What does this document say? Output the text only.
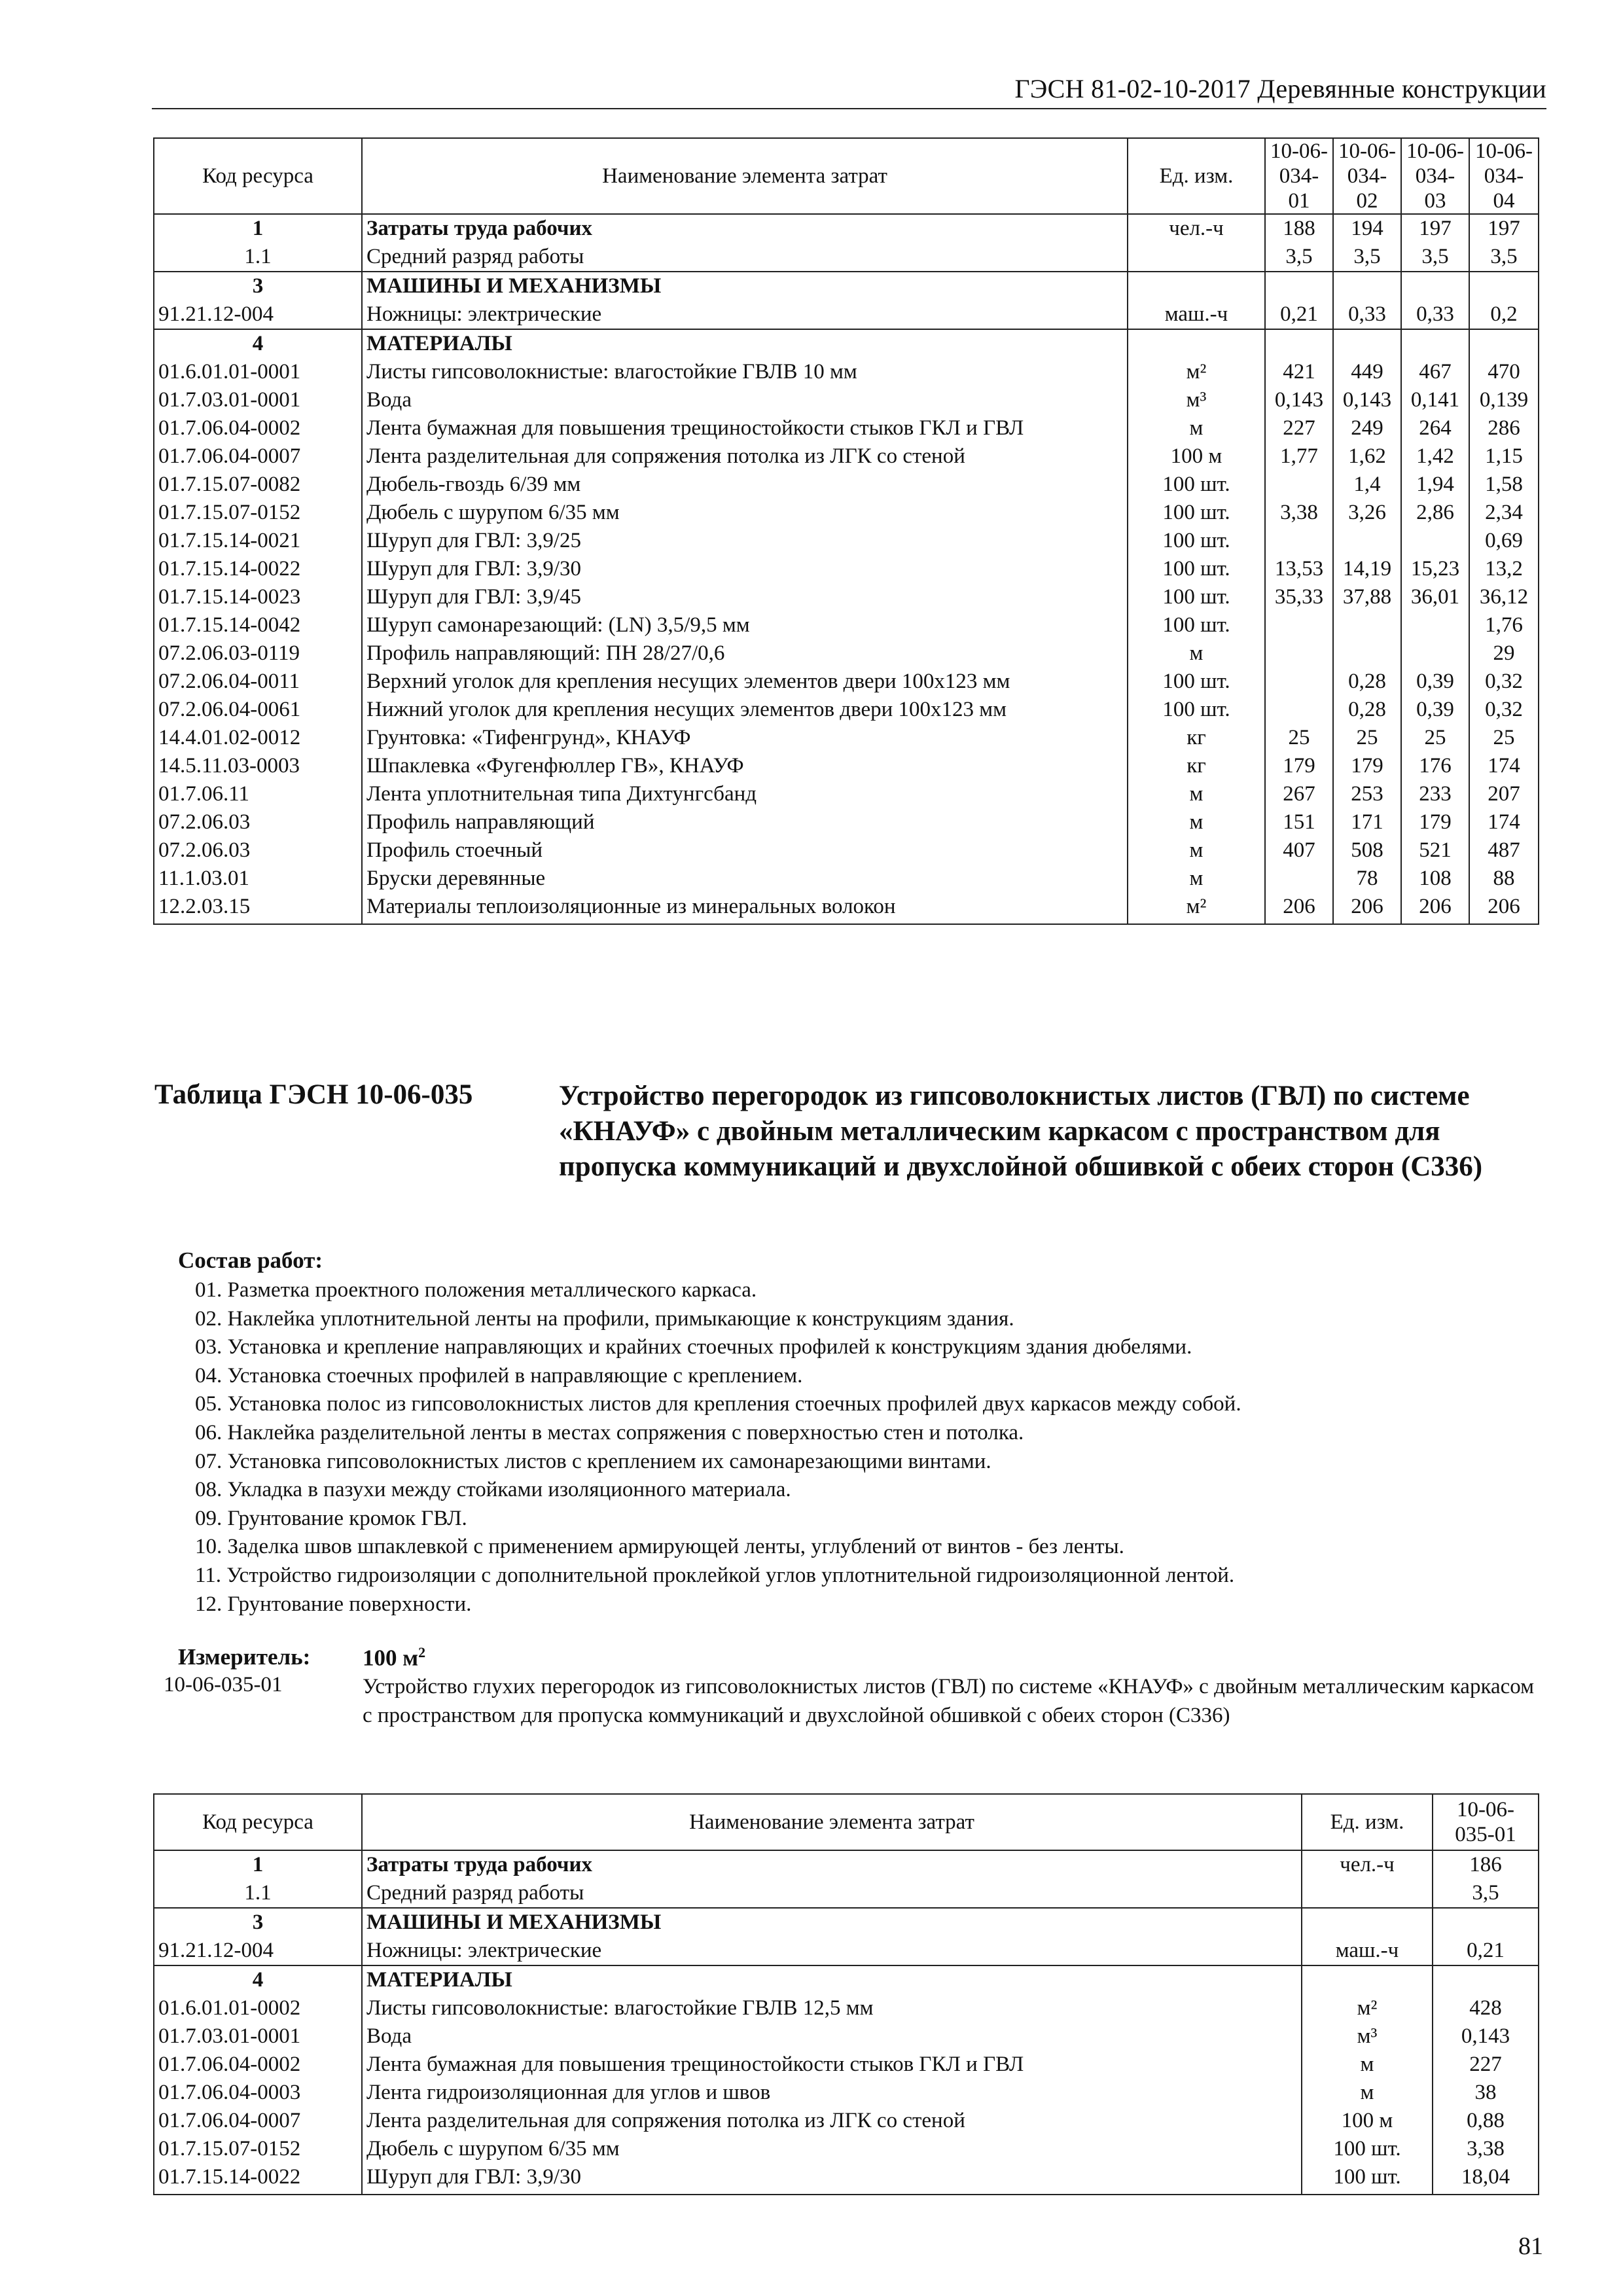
ГЭСН 81-02-10-2017 Деревянные конструкции
Код ресурса	Наименование элемента затрат	Ед. изм.	10-06- 034-01	10-06- 034-02	10-06- 034-03	10-06- 034-04
1	Затраты труда рабочих	чел.-ч	188	194	197	197
1.1	Средний разряд работы		3,5	3,5	3,5	3,5
3	МАШИНЫ И МЕХАНИЗМЫ					
91.21.12-004	Ножницы: электрические	маш.-ч	0,21	0,33	0,33	0,2
4	МАТЕРИАЛЫ					
01.6.01.01-0001	Листы гипсоволокнистые: влагостойкие ГВЛВ 10 мм	м²	421	449	467	470
01.7.03.01-0001	Вода	м³	0,143	0,143	0,141	0,139
01.7.06.04-0002	Лента бумажная для повышения трещиностойкости стыков ГКЛ и ГВЛ	м	227	249	264	286
01.7.06.04-0007	Лента разделительная для сопряжения потолка из ЛГК со стеной	100 м	1,77	1,62	1,42	1,15
01.7.15.07-0082	Дюбель-гвоздь 6/39 мм	100 шт.		1,4	1,94	1,58
01.7.15.07-0152	Дюбель с шурупом 6/35 мм	100 шт.	3,38	3,26	2,86	2,34
01.7.15.14-0021	Шуруп для ГВЛ: 3,9/25	100 шт.				0,69
01.7.15.14-0022	Шуруп для ГВЛ: 3,9/30	100 шт.	13,53	14,19	15,23	13,2
01.7.15.14-0023	Шуруп для ГВЛ: 3,9/45	100 шт.	35,33	37,88	36,01	36,12
01.7.15.14-0042	Шуруп самонарезающий: (LN) 3,5/9,5 мм	100 шт.				1,76
07.2.06.03-0119	Профиль направляющий: ПН 28/27/0,6	м				29
07.2.06.04-0011	Верхний уголок для крепления несущих элементов двери 100x123 мм	100 шт.		0,28	0,39	0,32
07.2.06.04-0061	Нижний уголок для крепления несущих элементов двери 100x123 мм	100 шт.		0,28	0,39	0,32
14.4.01.02-0012	Грунтовка: «Тифенгрунд», КНАУФ	кг	25	25	25	25
14.5.11.03-0003	Шпаклевка «Фугенфюллер ГВ», КНАУФ	кг	179	179	176	174
01.7.06.11	Лента уплотнительная типа Дихтунгсбанд	м	267	253	233	207
07.2.06.03	Профиль направляющий	м	151	171	179	174
07.2.06.03	Профиль стоечный	м	407	508	521	487
11.1.03.01	Бруски деревянные	м		78	108	88
12.2.03.15	Материалы теплоизоляционные из минеральных волокон	м²	206	206	206	206
Таблица ГЭСН 10-06-035	Устройство перегородок из гипсоволокнистых листов (ГВЛ) по системе «КНАУФ» с двойным металлическим каркасом с пространством для пропуска коммуникаций и двухслойной обшивкой с обеих сторон (С336)
Состав работ:
01. Разметка проектного положения металлического каркаса.
02. Наклейка уплотнительной ленты на профили, примыкающие к конструкциям здания.
03. Установка и крепление направляющих и крайних стоечных профилей к конструкциям здания дюбелями.
04. Установка стоечных профилей в направляющие с креплением.
05. Установка полос из гипсоволокнистых листов для крепления стоечных профилей двух каркасов между собой.
06. Наклейка разделительной ленты в местах сопряжения с поверхностью стен и потолка.
07. Установка гипсоволокнистых листов с креплением их самонарезающими винтами.
08. Укладка в пазухи между стойками изоляционного материала.
09. Грунтование кромок ГВЛ.
10. Заделка швов шпаклевкой с применением армирующей ленты, углублений от винтов - без ленты.
11. Устройство гидроизоляции с дополнительной проклейкой углов уплотнительной гидроизоляционной лентой.
12. Грунтование поверхности.
Измеритель: 100 $м^2$
10-06-035-01	Устройство глухих перегородок из гипсоволокнистых листов (ГВЛ) по системе «КНАУФ» с двойным металлическим каркасом с пространством для пропуска коммуникаций и двухслойной обшивкой с обеих сторон (С336)
Код ресурса	Наименование элемента затрат	Ед. изм.	10-06- 035-01
1	Затраты труда рабочих	чел.-ч	186
1.1	Средний разряд работы		3,5
3	МАШИНЫ И МЕХАНИЗМЫ		
91.21.12-004	Ножницы: электрические	маш.-ч	0,21
4	МАТЕРИАЛЫ		
01.6.01.01-0002	Листы гипсоволокнистые: влагостойкие ГВЛВ 12,5 мм	м²	428
01.7.03.01-0001	Вода	м³	0,143
01.7.06.04-0002	Лента бумажная для повышения трещиностойкости стыков ГКЛ и ГВЛ	м	227
01.7.06.04-0003	Лента гидроизоляционная для углов и швов	м	38
01.7.06.04-0007	Лента разделительная для сопряжения потолка из ЛГК со стеной	100 м	0,88
01.7.15.07-0152	Дюбель с шурупом 6/35 мм	100 шт.	3,38
01.7.15.14-0022	Шуруп для ГВЛ: 3,9/30	100 шт.	18,04
81
